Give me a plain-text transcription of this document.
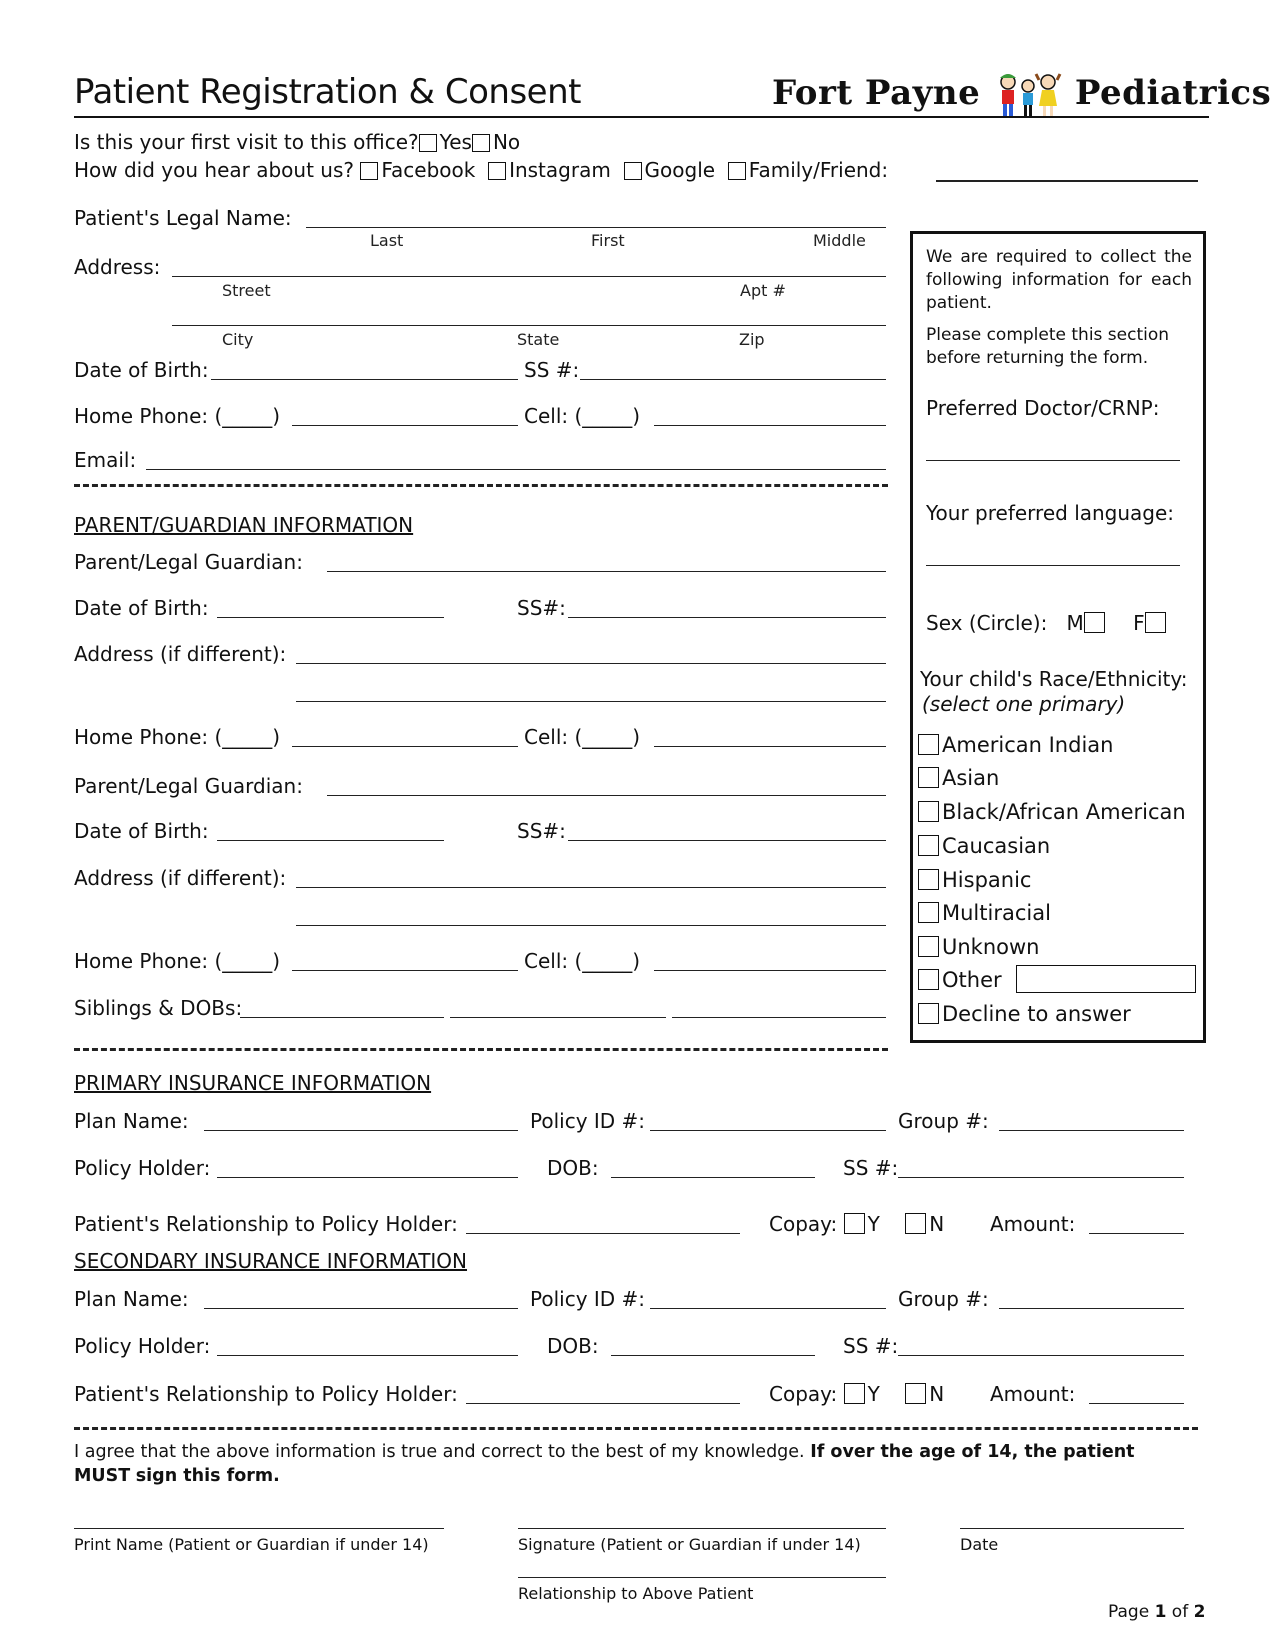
Patient Registration & Consent	Fort Payne	Pediatrics
Is this your first visit to this office? Yes No
How did you hear about us? Facebook Instagram Google Family/Friend:
Patient's Legal Name:
Last	First	Middle
Address:
Street	Apt #
City	State	Zip
Date of Birth:	SS #:
Home Phone: (_____)	Cell: (_____)
Email:
PARENT/GUARDIAN INFORMATION
Parent/Legal Guardian:
Date of Birth:	SS#:
Address (if different):
Home Phone: (_____)	Cell: (_____)
Parent/Legal Guardian:
Date of Birth:	SS#:
Address (if different):
Home Phone: (_____)	Cell: (_____)
Siblings & DOBs:
We are required to collect the following information for each patient.
Please complete this section before returning the form.
Preferred Doctor/CRNP:
Your preferred language:
Sex (Circle): M F
Your child's Race/Ethnicity:
(select one primary)
American Indian
Asian
Black/African American
Caucasian
Hispanic
Multiracial
Unknown
Other
Decline to answer
PRIMARY INSURANCE INFORMATION
Plan Name:	Policy ID #:	Group #:
Policy Holder:	DOB:	SS #:
Patient's Relationship to Policy Holder:	Copay: Y N Amount:
SECONDARY INSURANCE INFORMATION
Plan Name:	Policy ID #:	Group #:
Policy Holder:	DOB:	SS #:
Patient's Relationship to Policy Holder:	Copay: Y N Amount:
I agree that the above information is true and correct to the best of my knowledge. If over the age of 14, the patient MUST sign this form.
Print Name (Patient or Guardian if under 14)	Signature (Patient or Guardian if under 14)	Date
Relationship to Above Patient
Page 1 of 2
